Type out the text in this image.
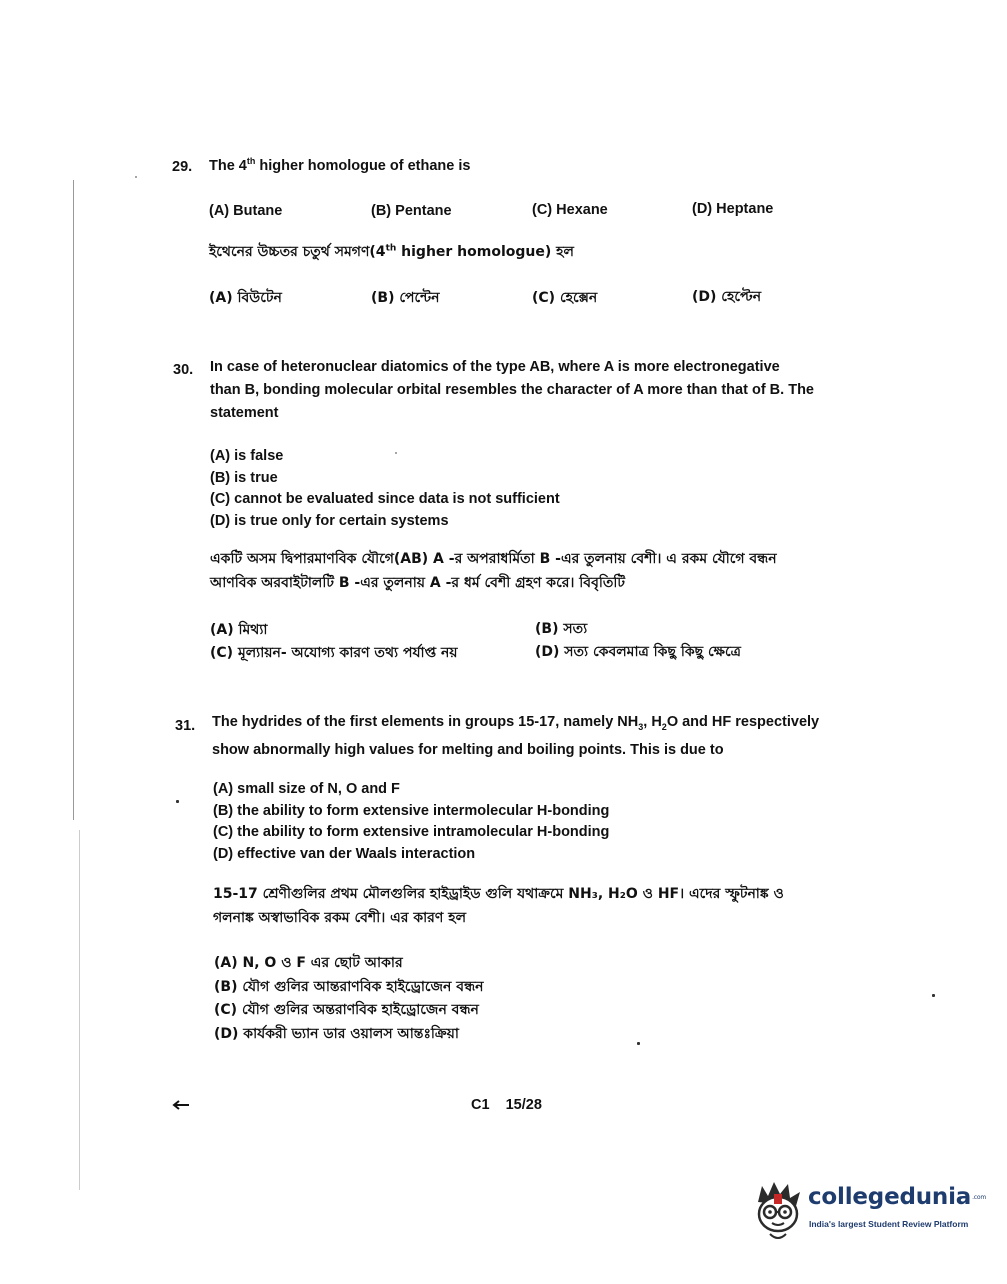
29. The 4th higher homologue of ethane is
(A) Butane	(B) Pentane	(C) Hexane	(D) Heptane
ইথেনের উচ্চতর চতুর্থ সমগণ(4th higher homologue) হল
(A) বিউটেন	(B) পেন্টেন	(C) হেক্সেন	(D) হেপ্টেন
30. In case of heteronuclear diatomics of the type AB, where A is more electronegative
than B, bonding molecular orbital resembles the character of A more than that of B. The
statement
(A) is false
(B) is true
(C) cannot be evaluated since data is not sufficient
(D) is true only for certain systems
একটি অসম দ্বিপারমাণবিক যৌগে(AB) A -র অপরাধর্মিতা B -এর তুলনায় বেশী। এ রকম যৌগে বন্ধন
আণবিক অরবাইটালটি B -এর তুলনায় A -র ধর্ম বেশী গ্রহণ করে। বিবৃতিটি
(A) মিথ্যা	(B) সত্য
(C) মূল্যায়ন- অযোগ্য কারণ তথ্য পর্যাপ্ত নয়	(D) সত্য কেবলমাত্র কিছু কিছু ক্ষেত্রে
31. The hydrides of the first elements in groups 15-17, namely $NH_3$, $H_2O$ and HF respectively
show abnormally high values for melting and boiling points. This is due to
(A) small size of N, O and F
(B) the ability to form extensive intermolecular H-bonding
(C) the ability to form extensive intramolecular H-bonding
(D) effective van der Waals interaction
15-17 শ্রেণীগুলির প্রথম মৌলগুলির হাইড্রাইড গুলি যথাক্রমে NH₃, H₂O ও HF। এদের স্ফুটনাঙ্ক ও
গলনাঙ্ক অস্বাভাবিক রকম বেশী। এর কারণ হল
(A) N, O ও F এর ছোট আকার
(B) যৌগ গুলির আন্তরাণবিক হাইড্রোজেন বন্ধন
(C) যৌগ গুলির অন্তরাণবিক হাইড্রোজেন বন্ধন
(D) কার্যকরী ভ্যান ডার ওয়ালস আন্তঃক্রিয়া
C1 15/28
collegedunia.com
India's largest Student Review Platform
